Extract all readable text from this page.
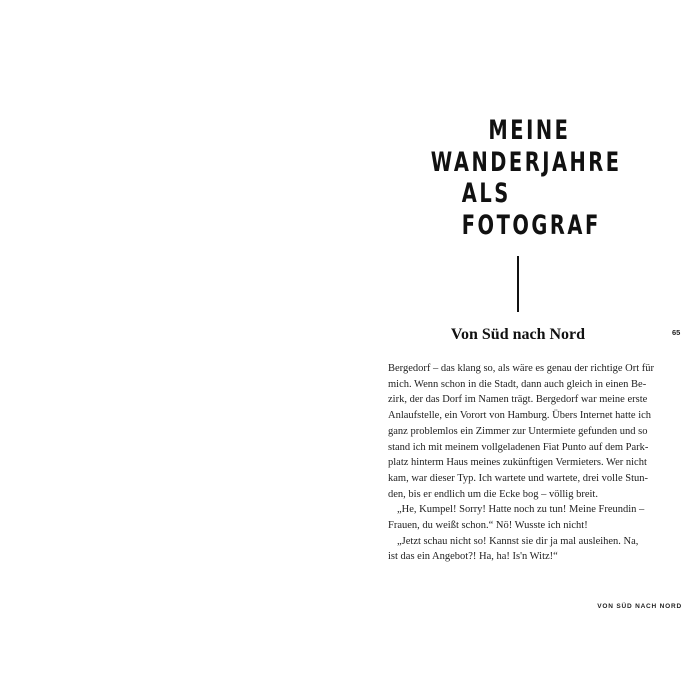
MEINE
WANDERJAHRE
ALS
FOTOGRAF
Von Süd nach Nord	65
Bergedorf – das klang so, als wäre es genau der richtige Ort für
mich. Wenn schon in die Stadt, dann auch gleich in einen Be-
zirk, der das Dorf im Namen trägt. Bergedorf war meine erste
Anlaufstelle, ein Vorort von Hamburg. Übers Internet hatte ich
ganz problemlos ein Zimmer zur Untermiete gefunden und so
stand ich mit meinem vollgeladenen Fiat Punto auf dem Park-
platz hinterm Haus meines zukünftigen Vermieters. Wer nicht
kam, war dieser Typ. Ich wartete und wartete, drei volle Stun-
den, bis er endlich um die Ecke bog – völlig breit.
„He, Kumpel! Sorry! Hatte noch zu tun! Meine Freundin –
Frauen, du weißt schon.“ Nö! Wusste ich nicht!
„Jetzt schau nicht so! Kannst sie dir ja mal ausleihen. Na,
ist das ein Angebot?! Ha, ha! Is'n Witz!“
VON SÜD NACH NORD
